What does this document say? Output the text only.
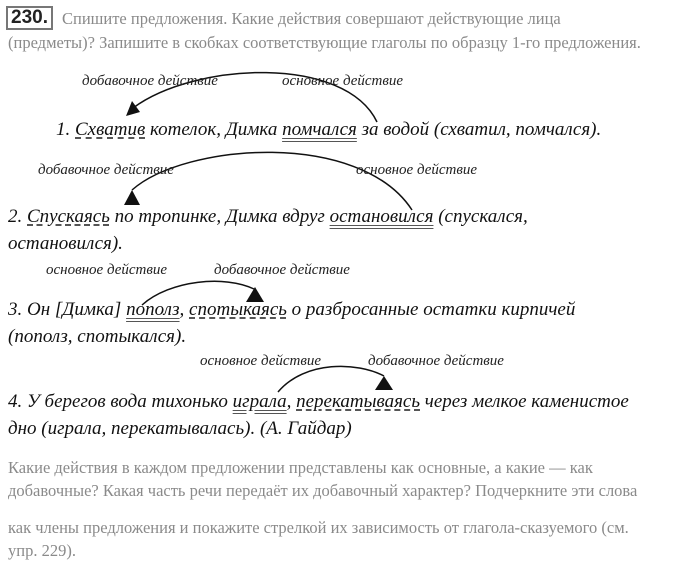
230. Спишите предложения. Какие действия совершают действующие лица
(предметы)? Запишите в скобках соответствующие глаголы по образцу 1-го предложения.
добавочное действие	основное действие
добавочное действие	основное действие
основное действие	добавочное действие
основное действие	добавочное действие
1. Схватив котелок, Димка помчался за водой (схватил, помчался).
2. Спускаясь по тропинке, Димка вдруг остановился (спускался,
остановился).
3. Он [Димка] пополз, спотыкаясь о разбросанные остатки кирпичей
(пополз, спотыкался).
4. У берегов вода тихонько играла, перекатываясь через мелкое каменистое
дно (играла, перекатывалась). (А. Гайдар)
Какие действия в каждом предложении представлены как основные, а какие — как
добавочные? Какая часть речи передаёт их добавочный характер? Подчеркните эти слова
как члены предложения и покажите стрелкой их зависимость от глагола-сказуемого (см.
упр. 229).
